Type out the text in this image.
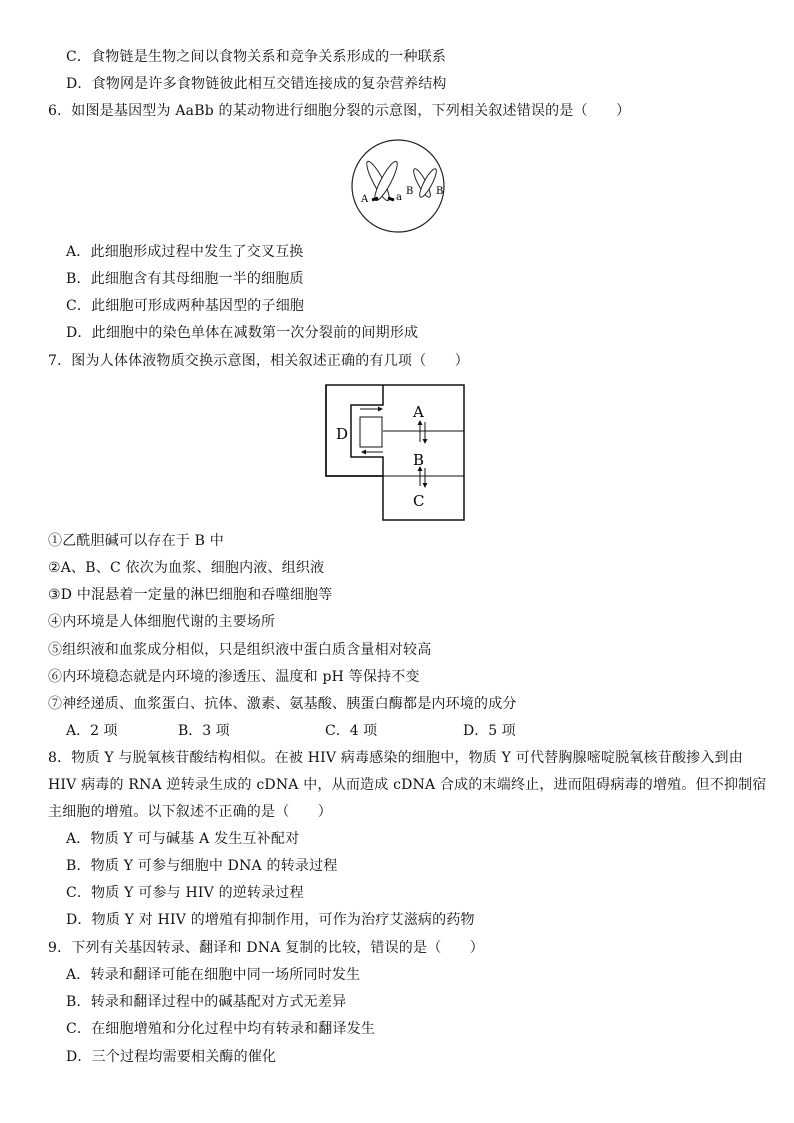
C．食物链是生物之间以食物关系和竞争关系形成的一种联系
D．食物网是许多食物链彼此相互交错连接成的复杂营养结构
6．如图是基因型为 AaBb 的某动物进行细胞分裂的示意图，下列相关叙述错误的是（　　）
A	a
B B
A．此细胞形成过程中发生了交叉互换
B．此细胞含有其母细胞一半的细胞质
C．此细胞可形成两种基因型的子细胞
D．此细胞中的染色单体在减数第一次分裂前的间期形成
7．图为人体体液物质交换示意图，相关叙述正确的有几项（　　）
A
B
C
D
①乙酰胆碱可以存在于 B 中
②A、B、C 依次为血浆、细胞内液、组织液
③D 中混悬着一定量的淋巴细胞和吞噬细胞等
④内环境是人体细胞代谢的主要场所
⑤组织液和血浆成分相似，只是组织液中蛋白质含量相对较高
⑥内环境稳态就是内环境的渗透压、温度和 pH 等保持不变
⑦神经递质、血浆蛋白、抗体、激素、氨基酸、胰蛋白酶都是内环境的成分
A．2 项	B．3 项	C．4 项	D．5 项
8．物质 Y 与脱氧核苷酸结构相似。在被 HIV 病毒感染的细胞中，物质 Y 可代替胸腺嘧啶脱氧核苷酸掺入到由
HIV 病毒的 RNA 逆转录生成的 cDNA 中，从而造成 cDNA 合成的末端终止，进而阻碍病毒的增殖。但不抑制宿
主细胞的增殖。以下叙述不正确的是（　　）
A．物质 Y 可与碱基 A 发生互补配对
B．物质 Y 可参与细胞中 DNA 的转录过程
C．物质 Y 可参与 HIV 的逆转录过程
D．物质 Y 对 HIV 的增殖有抑制作用，可作为治疗艾滋病的药物
9．下列有关基因转录、翻译和 DNA 复制的比较，错误的是（　　）
A．转录和翻译可能在细胞中同一场所同时发生
B．转录和翻译过程中的碱基配对方式无差异
C．在细胞增殖和分化过程中均有转录和翻译发生
D．三个过程均需要相关酶的催化
